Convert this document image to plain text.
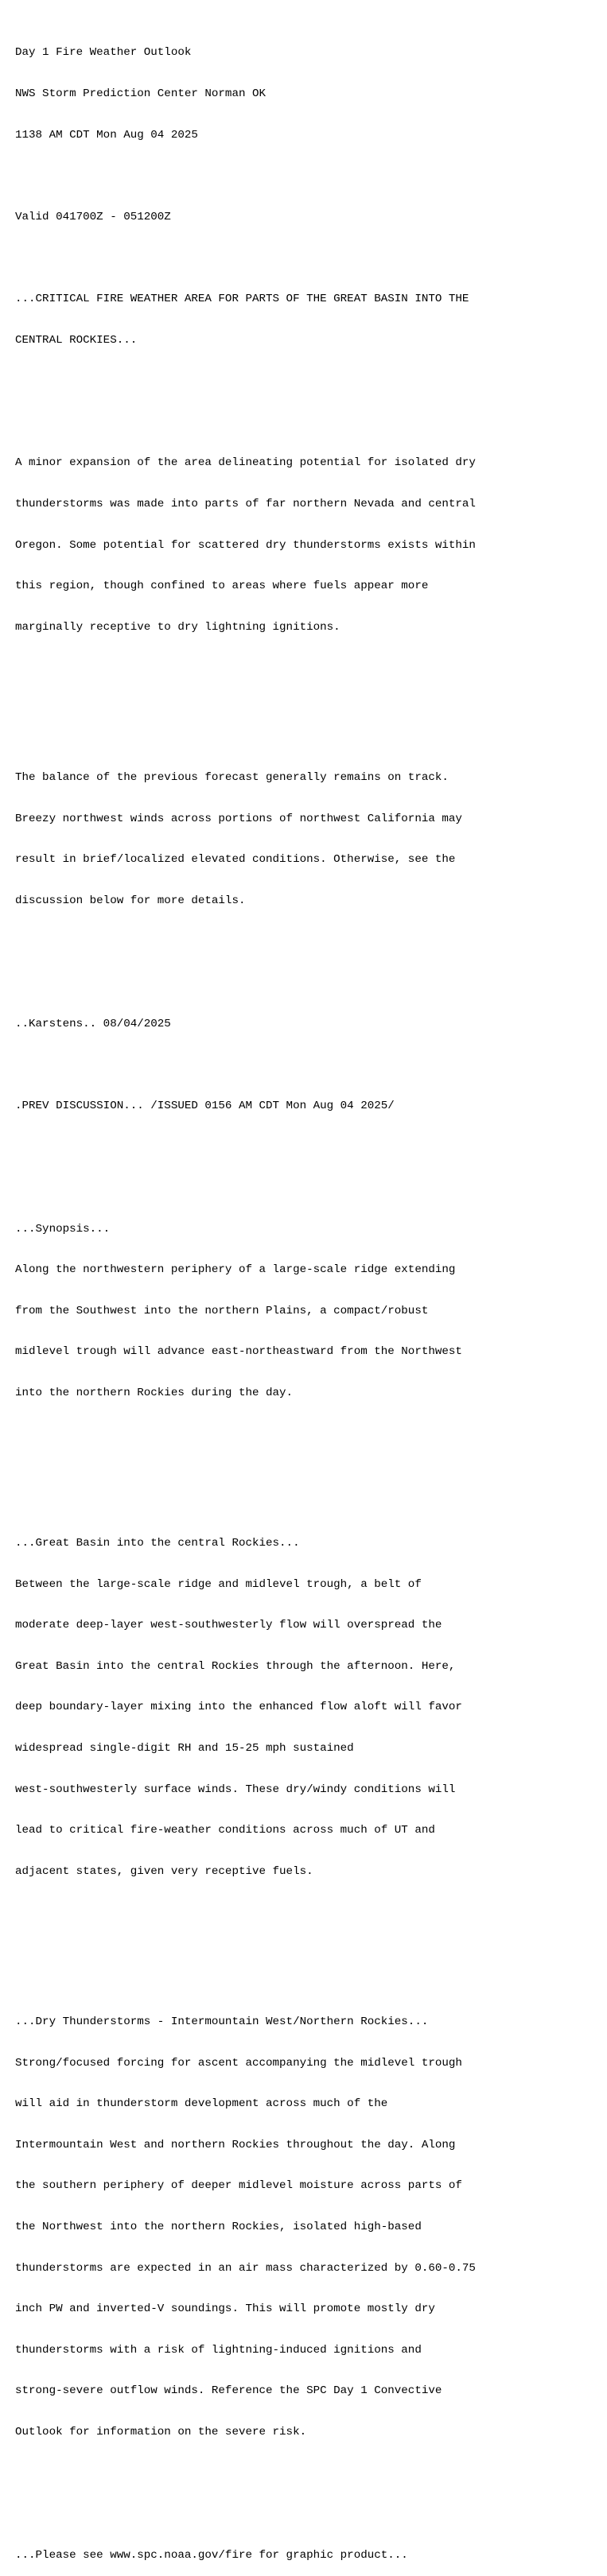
Day 1 Fire Weather Outlook

NWS Storm Prediction Center Norman OK

1138 AM CDT Mon Aug 04 2025

Valid 041700Z - 051200Z

...CRITICAL FIRE WEATHER AREA FOR PARTS OF THE GREAT BASIN INTO THE

CENTRAL ROCKIES...

A minor expansion of the area delineating potential for isolated dry

thunderstorms was made into parts of far northern Nevada and central

Oregon. Some potential for scattered dry thunderstorms exists within

this region, though confined to areas where fuels appear more

marginally receptive to dry lightning ignitions.

The balance of the previous forecast generally remains on track.

Breezy northwest winds across portions of northwest California may

result in brief/localized elevated conditions. Otherwise, see the

discussion below for more details.

..Karstens.. 08/04/2025

.PREV DISCUSSION... /ISSUED 0156 AM CDT Mon Aug 04 2025/

...Synopsis...

Along the northwestern periphery of a large-scale ridge extending

from the Southwest into the northern Plains, a compact/robust

midlevel trough will advance east-northeastward from the Northwest

into the northern Rockies during the day.

...Great Basin into the central Rockies...

Between the large-scale ridge and midlevel trough, a belt of

moderate deep-layer west-southwesterly flow will overspread the

Great Basin into the central Rockies through the afternoon. Here,

deep boundary-layer mixing into the enhanced flow aloft will favor

widespread single-digit RH and 15-25 mph sustained

west-southwesterly surface winds. These dry/windy conditions will

lead to critical fire-weather conditions across much of UT and

adjacent states, given very receptive fuels.

...Dry Thunderstorms - Intermountain West/Northern Rockies...

Strong/focused forcing for ascent accompanying the midlevel trough

will aid in thunderstorm development across much of the

Intermountain West and northern Rockies throughout the day. Along

the southern periphery of deeper midlevel moisture across parts of

the Northwest into the northern Rockies, isolated high-based

thunderstorms are expected in an air mass characterized by 0.60-0.75

inch PW and inverted-V soundings. This will promote mostly dry

thunderstorms with a risk of lightning-induced ignitions and

strong-severe outflow winds. Reference the SPC Day 1 Convective

Outlook for information on the severe risk.

...Please see www.spc.noaa.gov/fire for graphic product...
